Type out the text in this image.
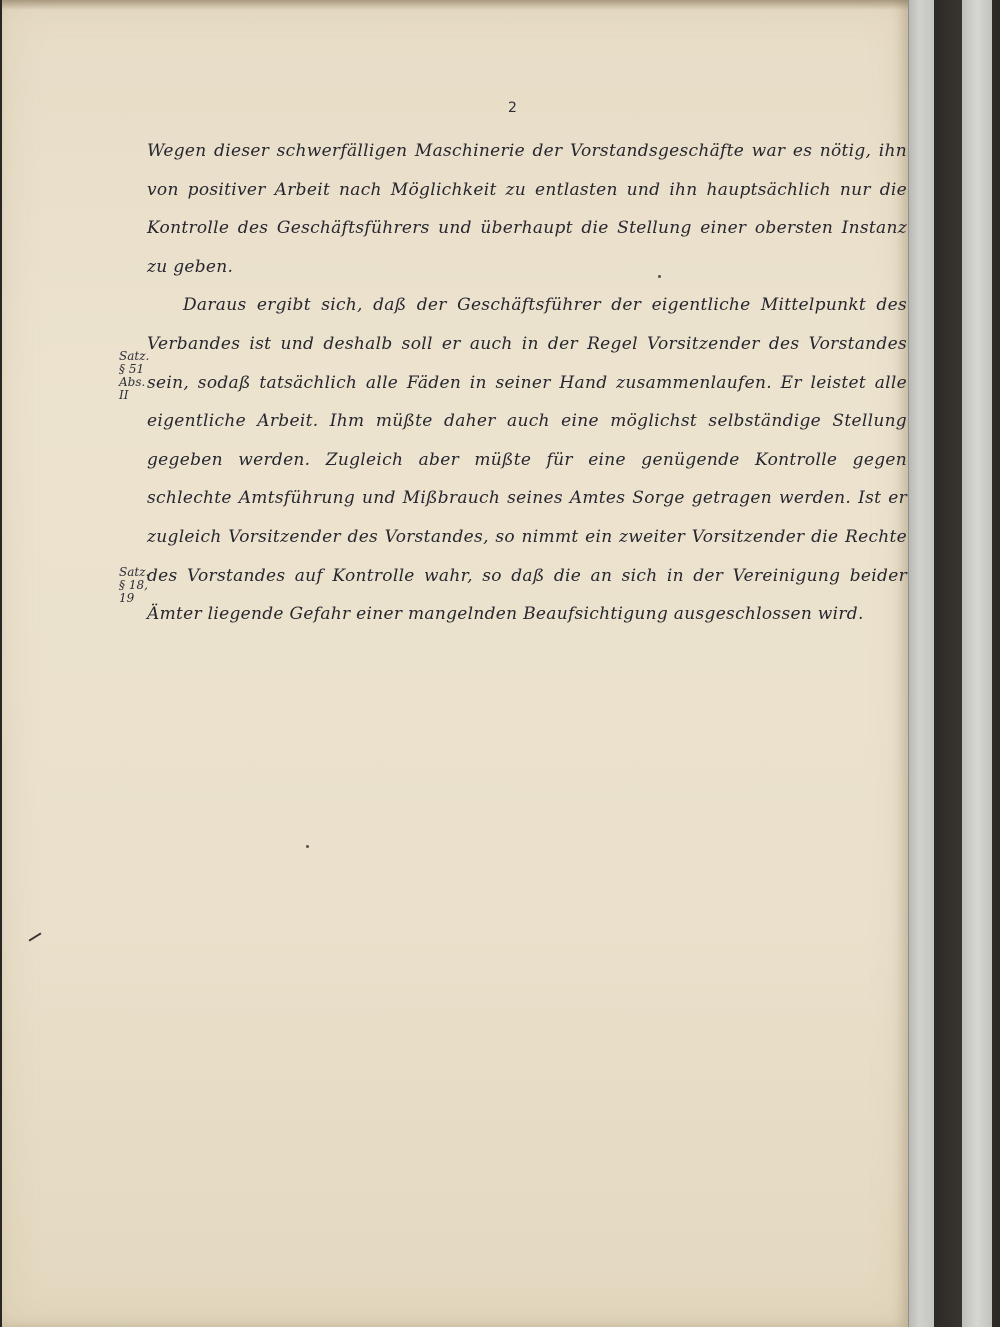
2

Wegen dieser schwerfälligen Maschinerie der Vorstandsgeschäfte war es nötig, ihn von positiver Arbeit nach Möglichkeit zu entlasten und ihn hauptsächlich nur die Kontrolle des Geschäftsführers und überhaupt die Stellung einer obersten Instanz zu geben.

Daraus ergibt sich, daß der Geschäftsführer der eigentliche Mittelpunkt des Verbandes ist und deshalb soll er auch in der Regel Vorsitzender des Vorstandes sein, sodaß tatsächlich alle Fäden in seiner Hand zusammenlaufen. Er leistet alle eigentliche Arbeit. Ihm müßte daher auch eine möglichst selbständige Stellung gegeben werden. Zugleich aber müßte für eine genügende Kontrolle gegen schlechte Amtsführung und Mißbrauch seines Amtes Sorge getragen werden. Ist er zugleich Vorsitzender des Vorstandes, so nimmt ein zweiter Vorsitzender die Rechte des Vorstandes auf Kontrolle wahr, so daß die an sich in der Vereinigung beider Ämter liegende Gefahr einer mangelnden Beaufsichtigung ausgeschlossen wird.

Satz.
§ 51
Abs. II
Satz.
§ 18,
19
